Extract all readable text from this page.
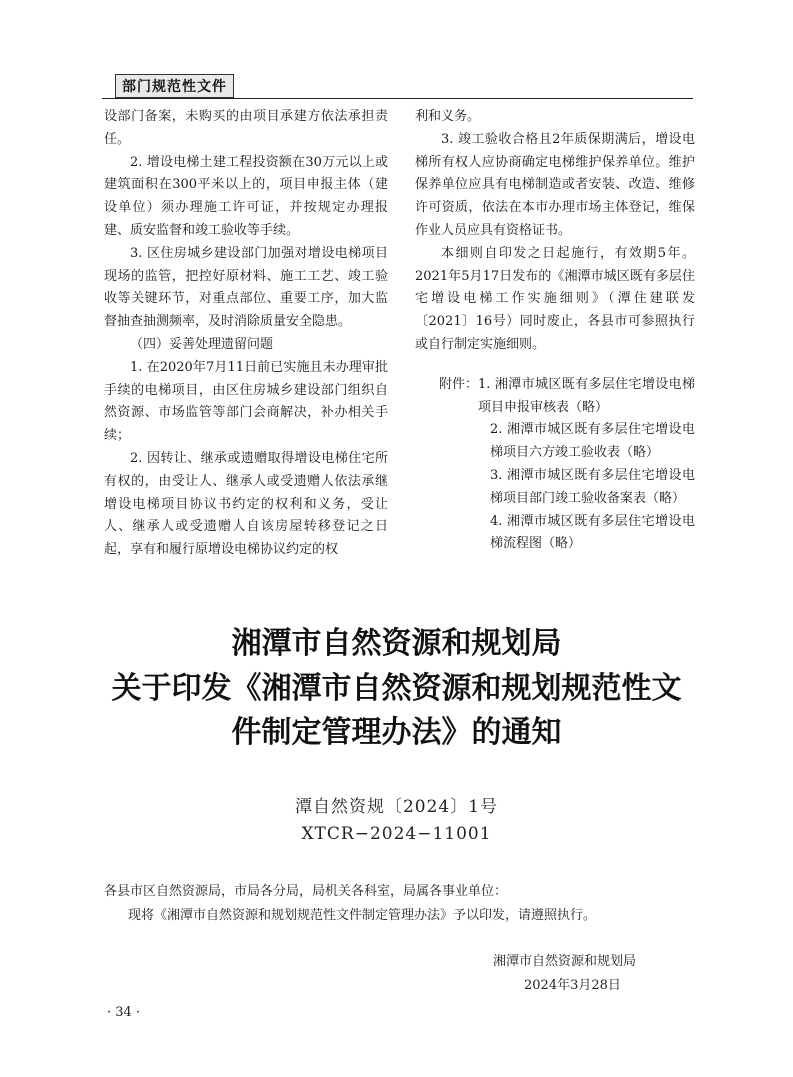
部门规范性文件

设部门备案，未购买的由项目承建方依法承担责任。

2. 增设电梯土建工程投资额在30万元以上或建筑面积在300平米以上的，项目申报主体（建设单位）须办理施工许可证，并按规定办理报建、质安监督和竣工验收等手续。

3. 区住房城乡建设部门加强对增设电梯项目现场的监管，把控好原材料、施工工艺、竣工验收等关键环节，对重点部位、重要工序，加大监督抽查抽测频率，及时消除质量安全隐患。

（四）妥善处理遗留问题

1. 在2020年7月11日前已实施且未办理审批手续的电梯项目，由区住房城乡建设部门组织自然资源、市场监管等部门会商解决，补办相关手续；

2. 因转让、继承或遗赠取得增设电梯住宅所有权的，由受让人、继承人或受遗赠人依法承继增设电梯项目协议书约定的权利和义务，受让人、继承人或受遗赠人自该房屋转移登记之日起，享有和履行原增设电梯协议约定的权

利和义务。

3. 竣工验收合格且2年质保期满后，增设电梯所有权人应协商确定电梯维护保养单位。维护保养单位应具有电梯制造或者安装、改造、维修许可资质，依法在本市办理市场主体登记，维保作业人员应具有资格证书。

本细则自印发之日起施行，有效期5年。2021年5月17日发布的《湘潭市城区既有多层住宅增设电梯工作实施细则》（潭住建联发〔2021〕16号）同时废止，各县市可参照执行或自行制定实施细则。

附件： 1. 湘潭市城区既有多层住宅增设电梯项目申报审核表（略）
2. 湘潭市城区既有多层住宅增设电梯项目六方竣工验收表（略）
3. 湘潭市城区既有多层住宅增设电梯项目部门竣工验收备案表（略）
4. 湘潭市城区既有多层住宅增设电梯流程图（略）
湘潭市自然资源和规划局
关于印发《湘潭市自然资源和规划规范性文
件制定管理办法》的通知
潭自然资规〔2024〕1号
XTCR−2024−11001
各县市区自然资源局，市局各分局，局机关各科室，局属各事业单位：
现将《湘潭市自然资源和规划规范性文件制定管理办法》予以印发，请遵照执行。
湘潭市自然资源和规划局
2024年3月28日
· 34 ·
